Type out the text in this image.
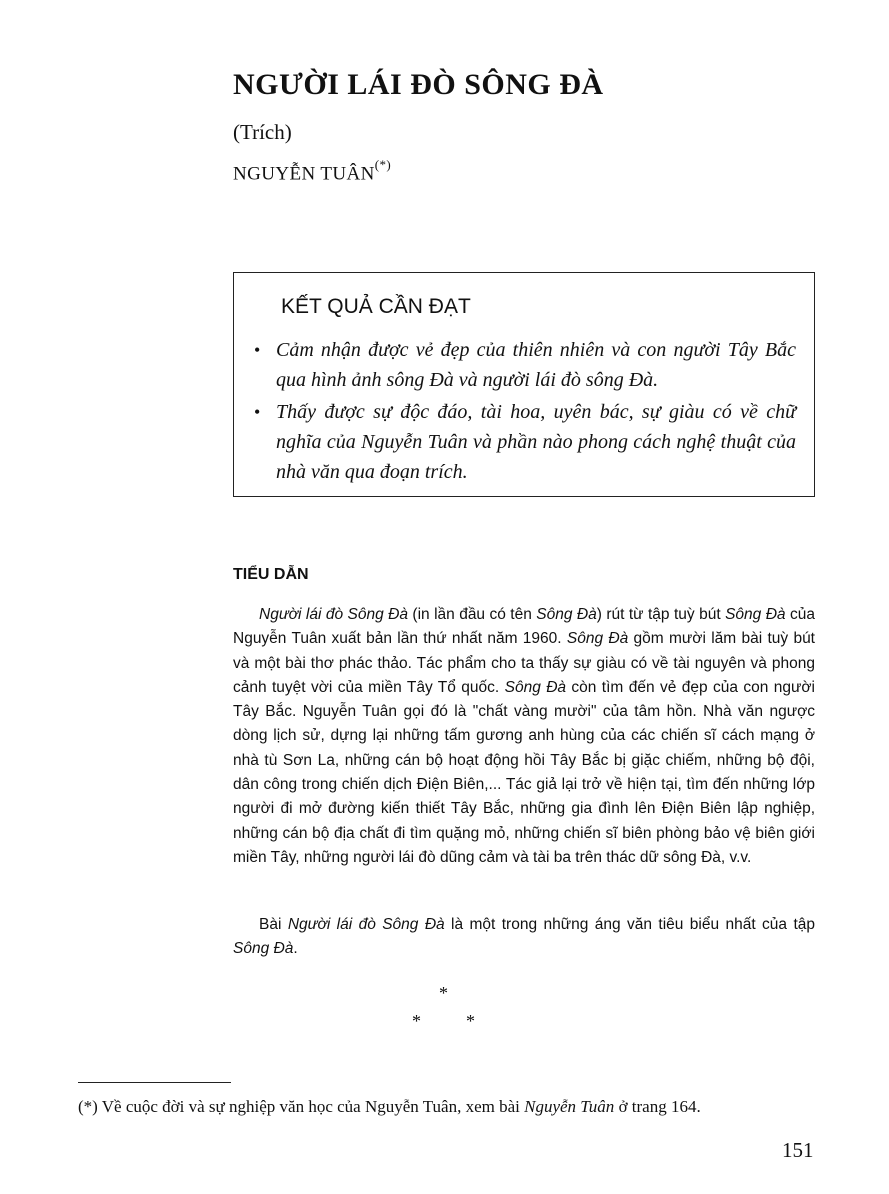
NGƯỜI LÁI ĐÒ SÔNG ĐÀ
(Trích)
NGUYỄN TUÂN(*)
KẾT QUẢ CẦN ĐẠT
• Cảm nhận được vẻ đẹp của thiên nhiên và con người Tây Bắc qua hình ảnh sông Đà và người lái đò sông Đà.
• Thấy được sự độc đáo, tài hoa, uyên bác, sự giàu có về chữ nghĩa của Nguyễn Tuân và phần nào phong cách nghệ thuật của nhà văn qua đoạn trích.
TIỂU DẪN

Người lái đò Sông Đà (in lần đầu có tên Sông Đà) rút từ tập tuỳ bút Sông Đà của Nguyễn Tuân xuất bản lần thứ nhất năm 1960. Sông Đà gồm mười lăm bài tuỳ bút và một bài thơ phác thảo. Tác phẩm cho ta thấy sự giàu có về tài nguyên và phong cảnh tuyệt vời của miền Tây Tổ quốc. Sông Đà còn tìm đến vẻ đẹp của con người Tây Bắc. Nguyễn Tuân gọi đó là "chất vàng mười" của tâm hồn. Nhà văn ngược dòng lịch sử, dựng lại những tấm gương anh hùng của các chiến sĩ cách mạng ở nhà tù Sơn La, những cán bộ hoạt động hồi Tây Bắc bị giặc chiếm, những bộ đội, dân công trong chiến dịch Điện Biên,... Tác giả lại trở về hiện tại, tìm đến những lớp người đi mở đường kiến thiết Tây Bắc, những gia đình lên Điện Biên lập nghiệp, những cán bộ địa chất đi tìm quặng mỏ, những chiến sĩ biên phòng bảo vệ biên giới miền Tây, những người lái đò dũng cảm và tài ba trên thác dữ sông Đà, v.v.

Bài Người lái đò Sông Đà là một trong những áng văn tiêu biểu nhất của tập Sông Đà.

*
*	*
(*) Về cuộc đời và sự nghiệp văn học của Nguyễn Tuân, xem bài Nguyễn Tuân ở trang 164.
151
